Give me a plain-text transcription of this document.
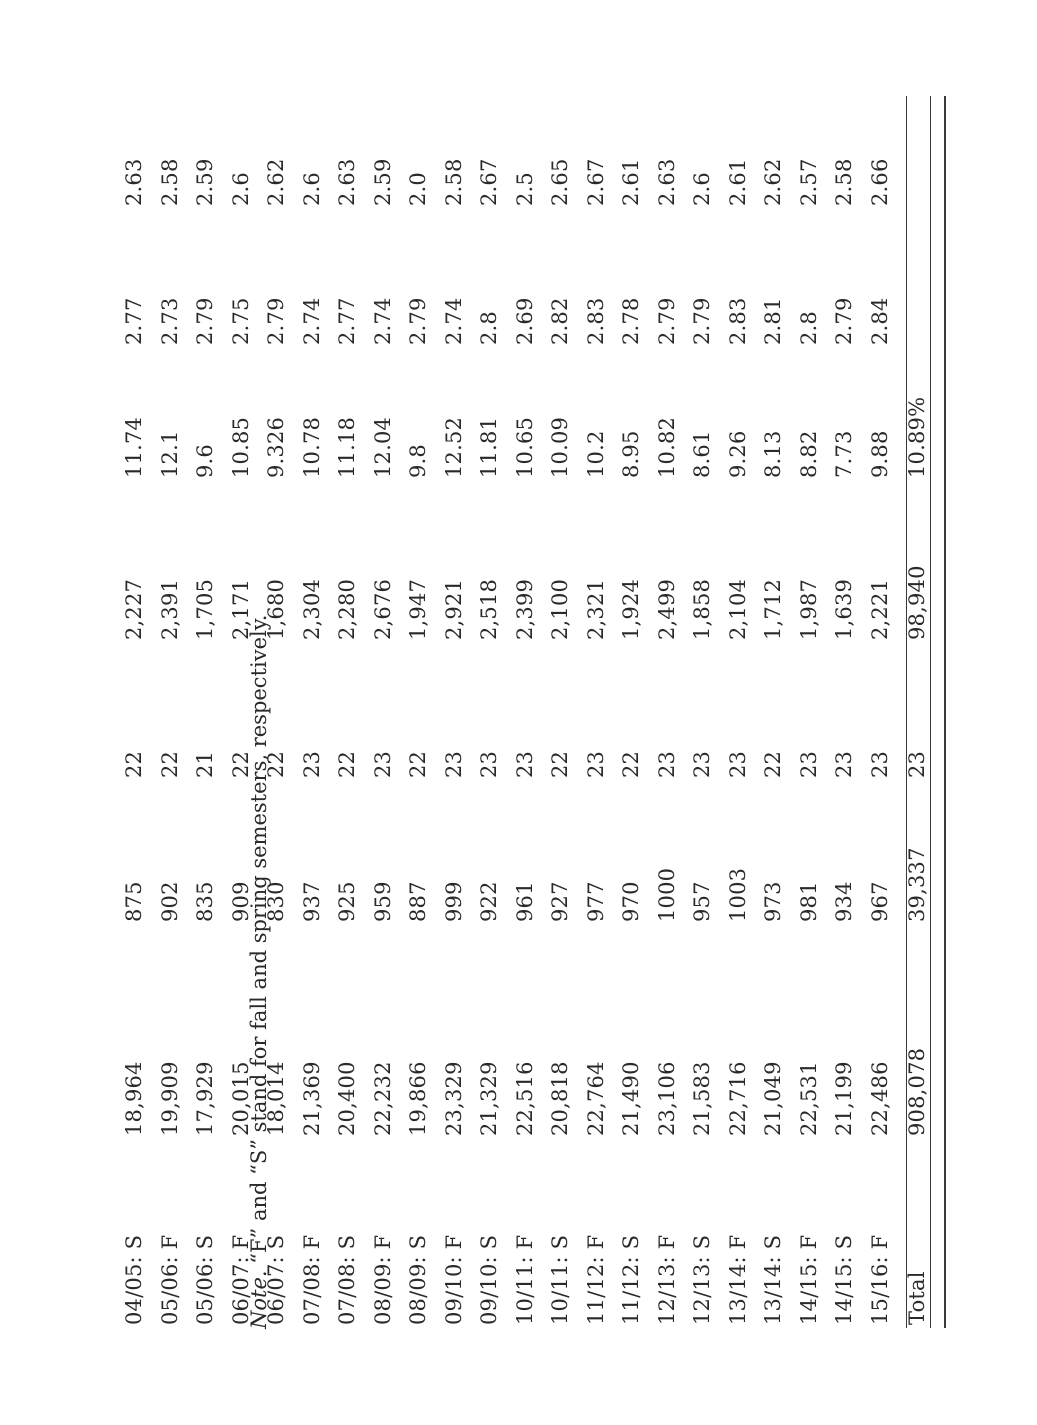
Note. “F” and “S” stand for fall and spring semesters, respectively.
04/05: S
18,964
875
22
2,227
11.74
2.77
2.63
05/06: F
19,909
902
22
2,391
12.1
2.73
2.58
05/06: S
17,929
835
21
1,705
9.6
2.79
2.59
06/07: F
20,015
909
22
2,171
10.85
2.75
2.6
06/07: S
18,014
830
22
1,680
9.326
2.79
2.62
07/08: F
21,369
937
23
2,304
10.78
2.74
2.6
07/08: S
20,400
925
22
2,280
11.18
2.77
2.63
08/09: F
22,232
959
23
2,676
12.04
2.74
2.59
08/09: S
19,866
887
22
1,947
9.8
2.79
2.0
09/10: F
23,329
999
23
2,921
12.52
2.74
2.58
09/10: S
21,329
922
23
2,518
11.81
2.8
2.67
10/11: F
22,516
961
23
2,399
10.65
2.69
2.5
10/11: S
20,818
927
22
2,100
10.09
2.82
2.65
11/12: F
22,764
977
23
2,321
10.2
2.83
2.67
11/12: S
21,490
970
22
1,924
8.95
2.78
2.61
12/13: F
23,106
1000
23
2,499
10.82
2.79
2.63
12/13: S
21,583
957
23
1,858
8.61
2.79
2.6
13/14: F
22,716
1003
23
2,104
9.26
2.83
2.61
13/14: S
21,049
973
22
1,712
8.13
2.81
2.62
14/15: F
22,531
981
23
1,987
8.82
2.8
2.57
14/15: S
21,199
934
23
1,639
7.73
2.79
2.58
15/16: F
22,486
967
23
2,221
9.88
2.84
2.66
Total
908,078
39,337
23
98,940
10.89%
